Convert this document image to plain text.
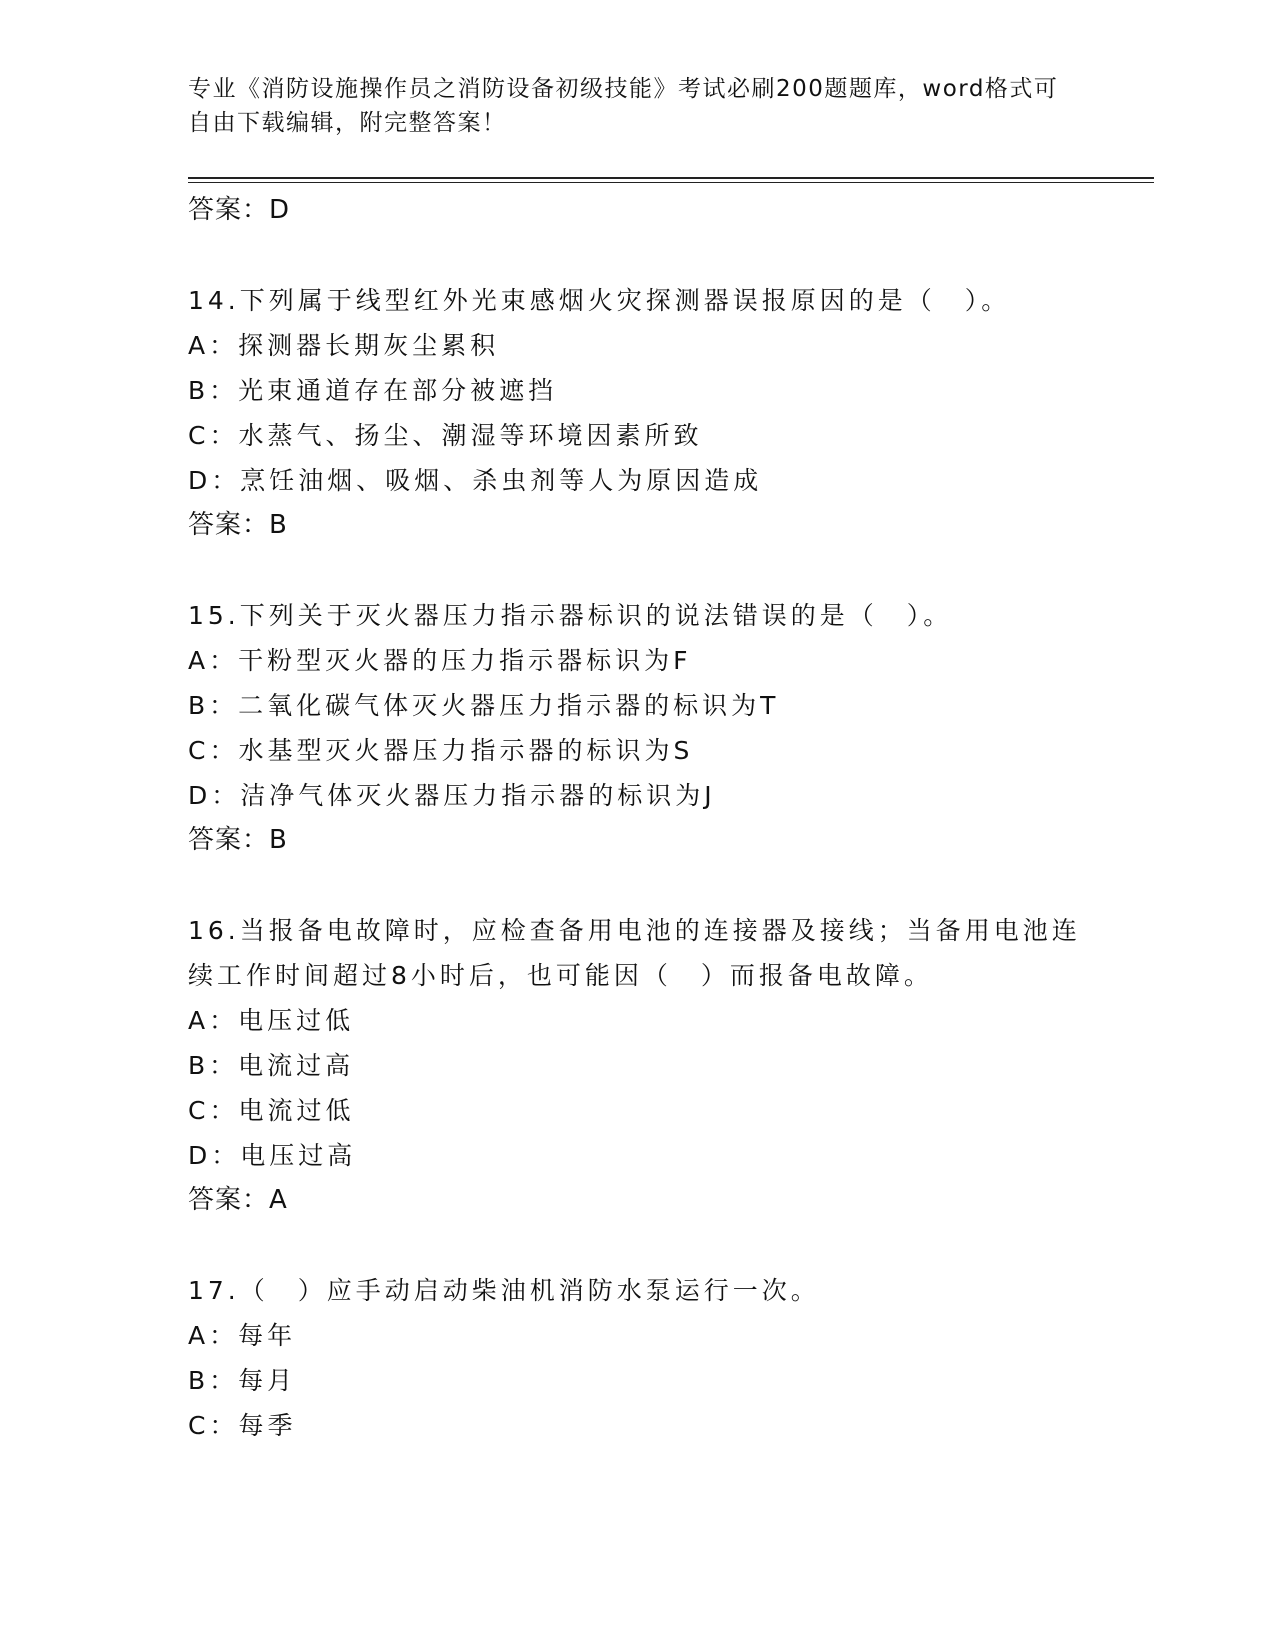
专业《消防设施操作员之消防设备初级技能》考试必刷200题题库，word格式可
自由下载编辑，附完整答案！
答案：D
14.下列属于线型红外光束感烟火灾探测器误报原因的是（　）。
A：探测器长期灰尘累积
B：光束通道存在部分被遮挡
C：水蒸气、扬尘、潮湿等环境因素所致
D：烹饪油烟、吸烟、杀虫剂等人为原因造成
答案：B
15.下列关于灭火器压力指示器标识的说法错误的是（　）。
A：干粉型灭火器的压力指示器标识为F
B：二氧化碳气体灭火器压力指示器的标识为T
C：水基型灭火器压力指示器的标识为S
D：洁净气体灭火器压力指示器的标识为J
答案：B
16.当报备电故障时，应检查备用电池的连接器及接线；当备用电池连
续工作时间超过8小时后，也可能因（　）而报备电故障。
A：电压过低
B：电流过高
C：电流过低
D：电压过高
答案：A
17.（　）应手动启动柴油机消防水泵运行一次。
A：每年
B：每月
C：每季
